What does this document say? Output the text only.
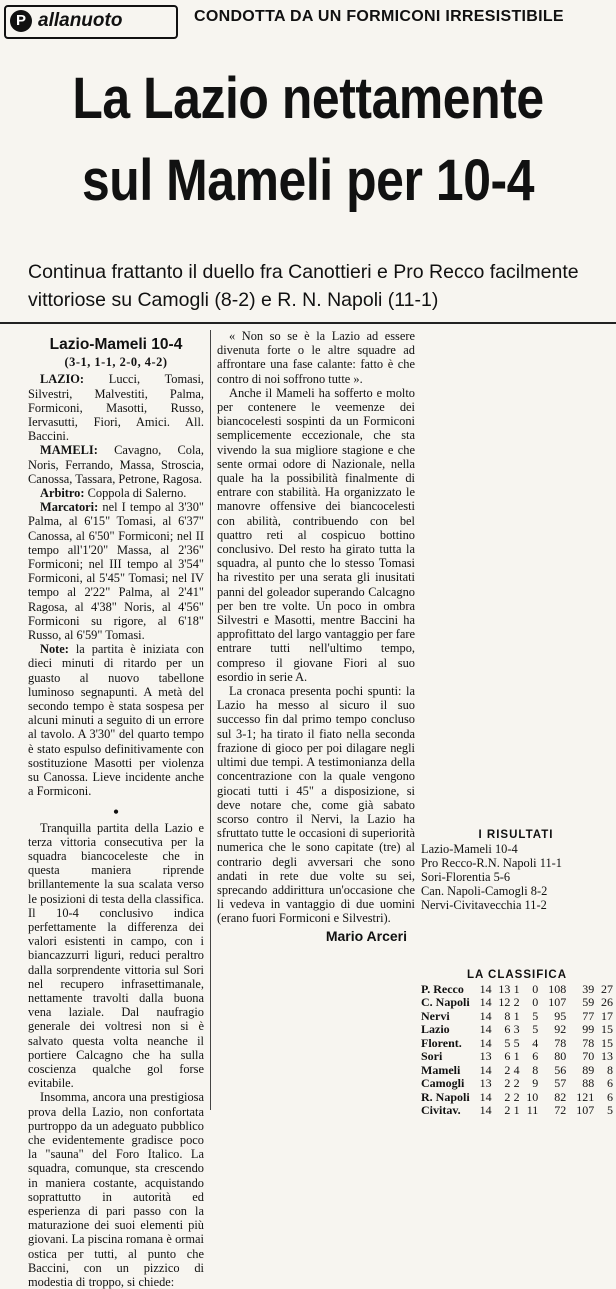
P allanuoto	CONDOTTA DA UN FORMICONI IRRESISTIBILE
La Lazio nettamente
sul Mameli per 10-4
Continua frattanto il duello fra Canottieri e Pro Recco facilmente vittoriose su Camogli (8-2) e R. N. Napoli (11-1)
Lazio-Mameli 10-4
(3-1, 1-1, 2-0, 4-2)

LAZIO: Lucci, Tomasi, Silvestri, Malvestiti, Palma, Formiconi, Masotti, Russo, Iervasutti, Fiori, Amici. All. Baccini.

MAMELI: Cavagno, Cola, Noris, Ferrando, Massa, Stroscia, Canossa, Tassara, Petrone, Ragosa.

Arbitro: Coppola di Salerno.

Marcatori: nel I tempo al 3'30" Palma, al 6'15" Tomasi, al 6'37" Canossa, al 6'50" Formiconi; nel II tempo all'1'20" Massa, al 2'36" Formiconi; nel III tempo al 3'54" Formiconi, al 5'45" Tomasi; nel IV tempo al 2'22" Palma, al 2'41" Ragosa, al 4'38" Noris, al 4'56" Formiconi su rigore, al 6'18" Russo, al 6'59" Tomasi.

Note: la partita è iniziata con dieci minuti di ritardo per un guasto al nuovo tabellone luminoso segnapunti. A metà del secondo tempo è stata sospesa per alcuni minuti a seguito di un errore al tavolo. A 3'30" del quarto tempo è stato espulso definitivamente con sostituzione Masotti per violenza su Canossa. Lieve incidente anche a Formiconi.

•

Tranquilla partita della Lazio e terza vittoria consecutiva per la squadra biancoceleste che in questa maniera riprende brillantemente la sua scalata verso le posizioni di testa della classifica. Il 10-4 conclusivo indica perfettamente la differenza dei valori esistenti in campo, con i biancazzurri liguri, reduci peraltro dalla sorprendente vittoria sul Sori nel recupero infrasettimanale, nettamente travolti dalla buona vena laziale. Dal naufragio generale dei voltresi non si è salvato questa volta neanche il portiere Calcagno che ha sulla coscienza qualche gol forse evitabile.

Insomma, ancora una prestigiosa prova della Lazio, non confortata purtroppo da un adeguato pubblico che evidentemente gradisce poco la "sauna" del Foro Italico. La squadra, comunque, sta crescendo in maniera costante, acquistando soprattutto in autorità ed esperienza di pari passo con la maturazione dei suoi elementi più giovani. La piscina romana è ormai ostica per tutti, al punto che Baccini, con un pizzico di modestia di troppo, si chiede:

« Non so se è la Lazio ad essere divenuta forte o le altre squadre ad affrontare una fase calante: fatto è che contro di noi soffrono tutte ».

Anche il Mameli ha sofferto e molto per contenere le veemenze dei biancocelesti sospinti da un Formiconi semplicemente eccezionale, che sta vivendo la sua migliore stagione e che sente ormai odore di Nazionale, nella quale ha la possibilità finalmente di entrare con stabilità. Ha organizzato le manovre offensive dei biancocelesti con abilità, contribuendo con bel quattro reti al cospicuo bottino conclusivo. Del resto ha girato tutta la squadra, al punto che lo stesso Tomasi ha rivestito per una serata gli inusitati panni del goleador superando Calcagno per ben tre volte. Un poco in ombra Silvestri e Masotti, mentre Baccini ha approfittato del largo vantaggio per fare entrare tutti nell'ultimo tempo, compreso il giovane Fiori al suo esordio in serie A.

La cronaca presenta pochi spunti: la Lazio ha messo al sicuro il suo successo fin dal primo tempo concluso sul 3-1; ha tirato il fiato nella seconda frazione di gioco per poi dilagare negli ultimi due tempi. A testimonianza della concentrazione con la quale vengono giocati tutti i 45" a disposizione, si deve notare che, come già sabato scorso contro il Nervi, la Lazio ha sfruttato tutte le occasioni di superiorità numerica che le sono capitate (tre) al contrario degli avversari che sono andati in rete due volte su sei, sprecando addirittura un'occasione che li vedeva in vantaggio di due uomini (erano fuori Formiconi e Silvestri).

Mario Arceri
I RISULTATI
Lazio-Mameli 10-4
Pro Recco-R.N. Napoli 11-1
Sori-Florentia 5-6
Can. Napoli-Camogli 8-2
Nervi-Civitavecchia 11-2
LA CLASSIFICA
P. Recco	14	13	1	0	108	39	27
C. Napoli	14	12	2	0	107	59	26
Nervi	14	8	1	5	95	77	17
Lazio	14	6	3	5	92	99	15
Florent.	14	5	5	4	78	78	15
Sori	13	6	1	6	80	70	13
Mameli	14	2	4	8	56	89	8
Camogli	13	2	2	9	57	88	6
R. Napoli	14	2	2	10	82	121	6
Civitav.	14	2	1	11	72	107	5
